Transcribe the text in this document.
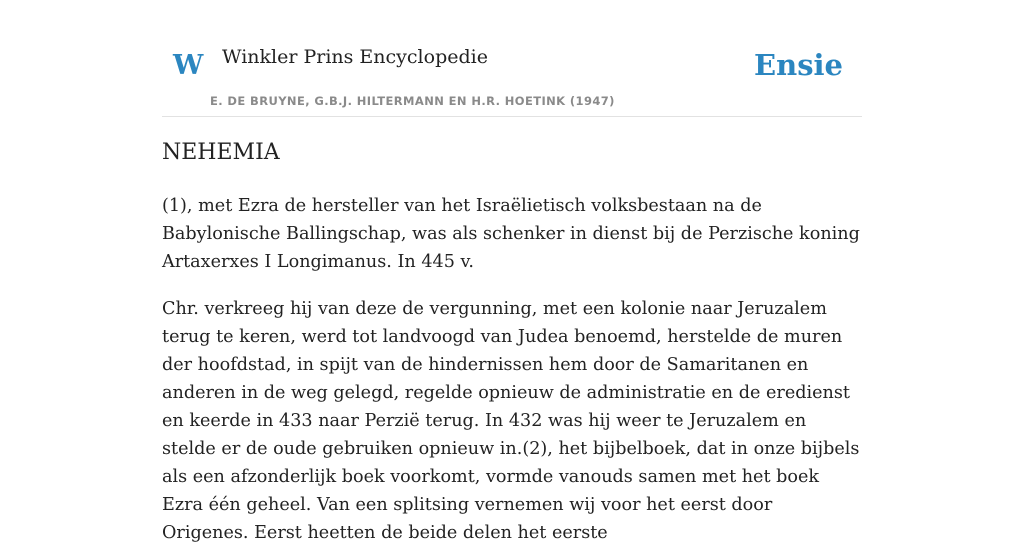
W Winkler Prins Encyclopedie
E. DE BRUYNE, G.B.J. HILTERMANN EN H.R. HOETINK (1947)
Ensie
NEHEMIA

(1), met Ezra de hersteller van het Israëlietisch volksbestaan na de Babylonische Ballingschap, was als schenker in dienst bij de Perzische koning Artaxerxes I Longimanus. In 445 v.

Chr. verkreeg hij van deze de vergunning, met een kolonie naar Jeruzalem terug te keren, werd tot landvoogd van Judea benoemd, herstelde de muren der hoofdstad, in spijt van de hindernissen hem door de Samaritanen en anderen in de weg gelegd, regelde opnieuw de administratie en de eredienst en keerde in 433 naar Perzië terug. In 432 was hij weer te Jeruzalem en stelde er de oude gebruiken opnieuw in.(2), het bijbelboek, dat in onze bijbels als een afzonderlijk boek voorkomt, vormde vanouds samen met het boek Ezra één geheel. Van een splitsing vernemen wij voor het eerst door Origenes. Eerst heetten de beide delen het eerste
